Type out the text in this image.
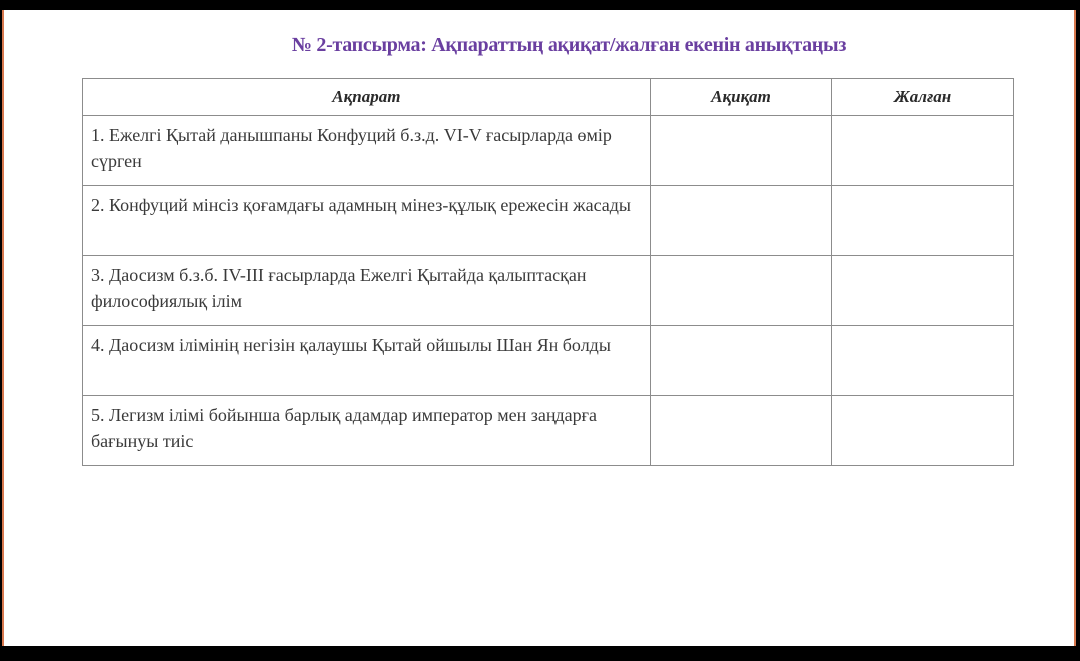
№ 2-тапсырма: Ақпараттың ақиқат/жалған екенін анықтаңыз
Ақпарат	Ақиқат	Жалған
1. Ежелгі Қытай данышпаны Конфуций б.з.д. VI-V ғасырларда өмір сүрген		
2. Конфуций мінсіз қоғамдағы адамның мінез-құлық ережесін жасады		
3. Даосизм б.з.б. IV-III ғасырларда Ежелгі Қытайда қалыптасқан философиялық ілім		
4. Даосизм ілімінің негізін қалаушы Қытай ойшылы Шан Ян болды		
5. Легизм ілімі бойынша барлық адамдар император мен заңдарға бағынуы тиіс		
